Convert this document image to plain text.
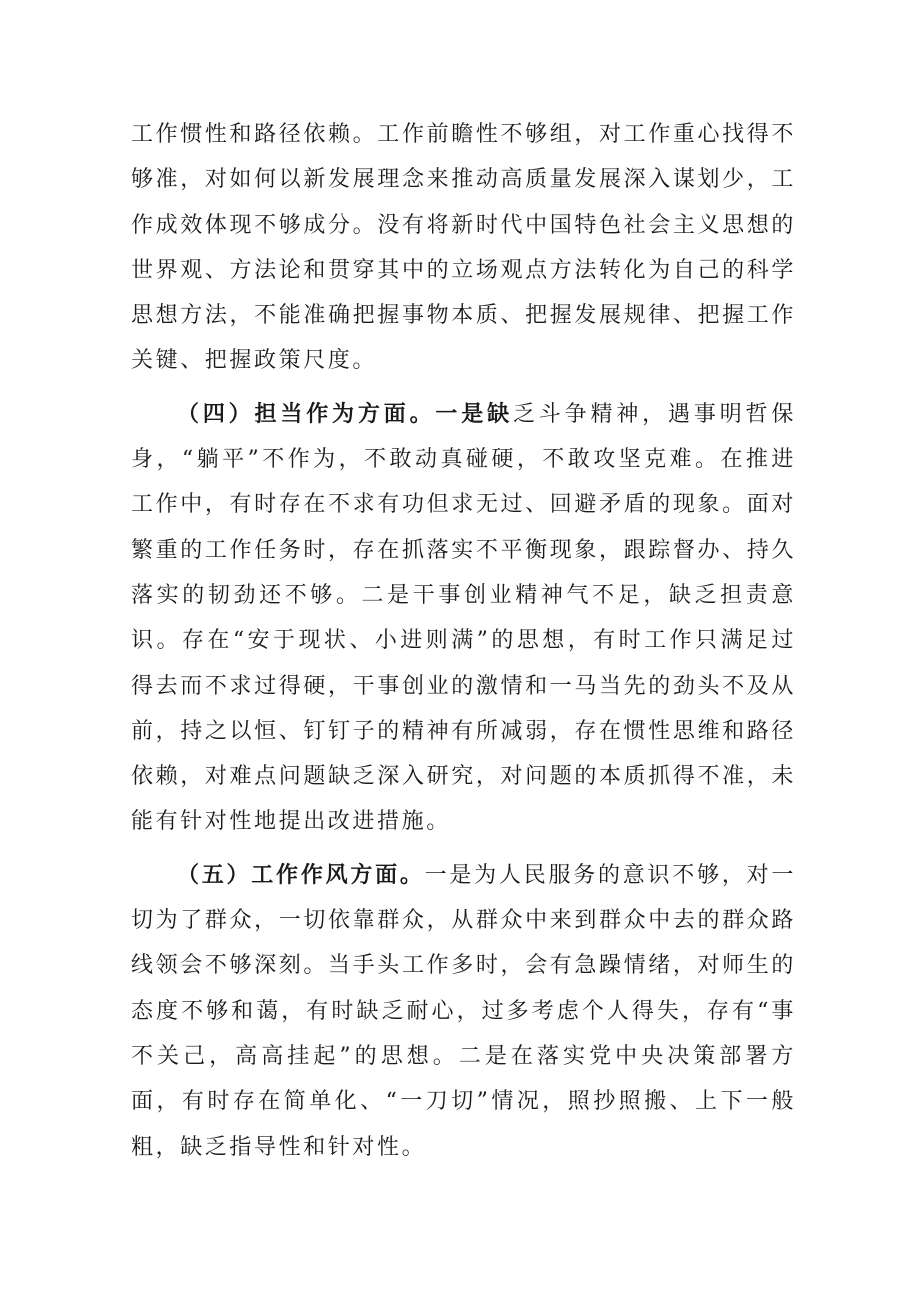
工作惯性和路径依赖。工作前瞻性不够组，对工作重心找得不够准，对如何以新发展理念来推动高质量发展深入谋划少，工作成效体现不够成分。没有将新时代中国特色社会主义思想的世界观、方法论和贯穿其中的立场观点方法转化为自己的科学思想方法，不能准确把握事物本质、把握发展规律、把握工作关键、把握政策尺度。

（四）担当作为方面。一是缺乏斗争精神，遇事明哲保身，“躺平”不作为，不敢动真碰硬，不敢攻坚克难。在推进工作中，有时存在不求有功但求无过、回避矛盾的现象。面对繁重的工作任务时，存在抓落实不平衡现象，跟踪督办、持久落实的韧劲还不够。二是干事创业精神气不足，缺乏担责意识。存在“安于现状、小进则满”的思想，有时工作只满足过得去而不求过得硬，干事创业的激情和一马当先的劲头不及从前，持之以恒、钉钉子的精神有所减弱，存在惯性思维和路径依赖，对难点问题缺乏深入研究，对问题的本质抓得不准，未能有针对性地提出改进措施。

（五）工作作风方面。一是为人民服务的意识不够，对一切为了群众，一切依靠群众，从群众中来到群众中去的群众路线领会不够深刻。当手头工作多时，会有急躁情绪，对师生的态度不够和蔼，有时缺乏耐心，过多考虑个人得失，存有“事不关己，高高挂起”的思想。二是在落实党中央决策部署方面，有时存在简单化、“一刀切”情况，照抄照搬、上下一般粗，缺乏指导性和针对性。
